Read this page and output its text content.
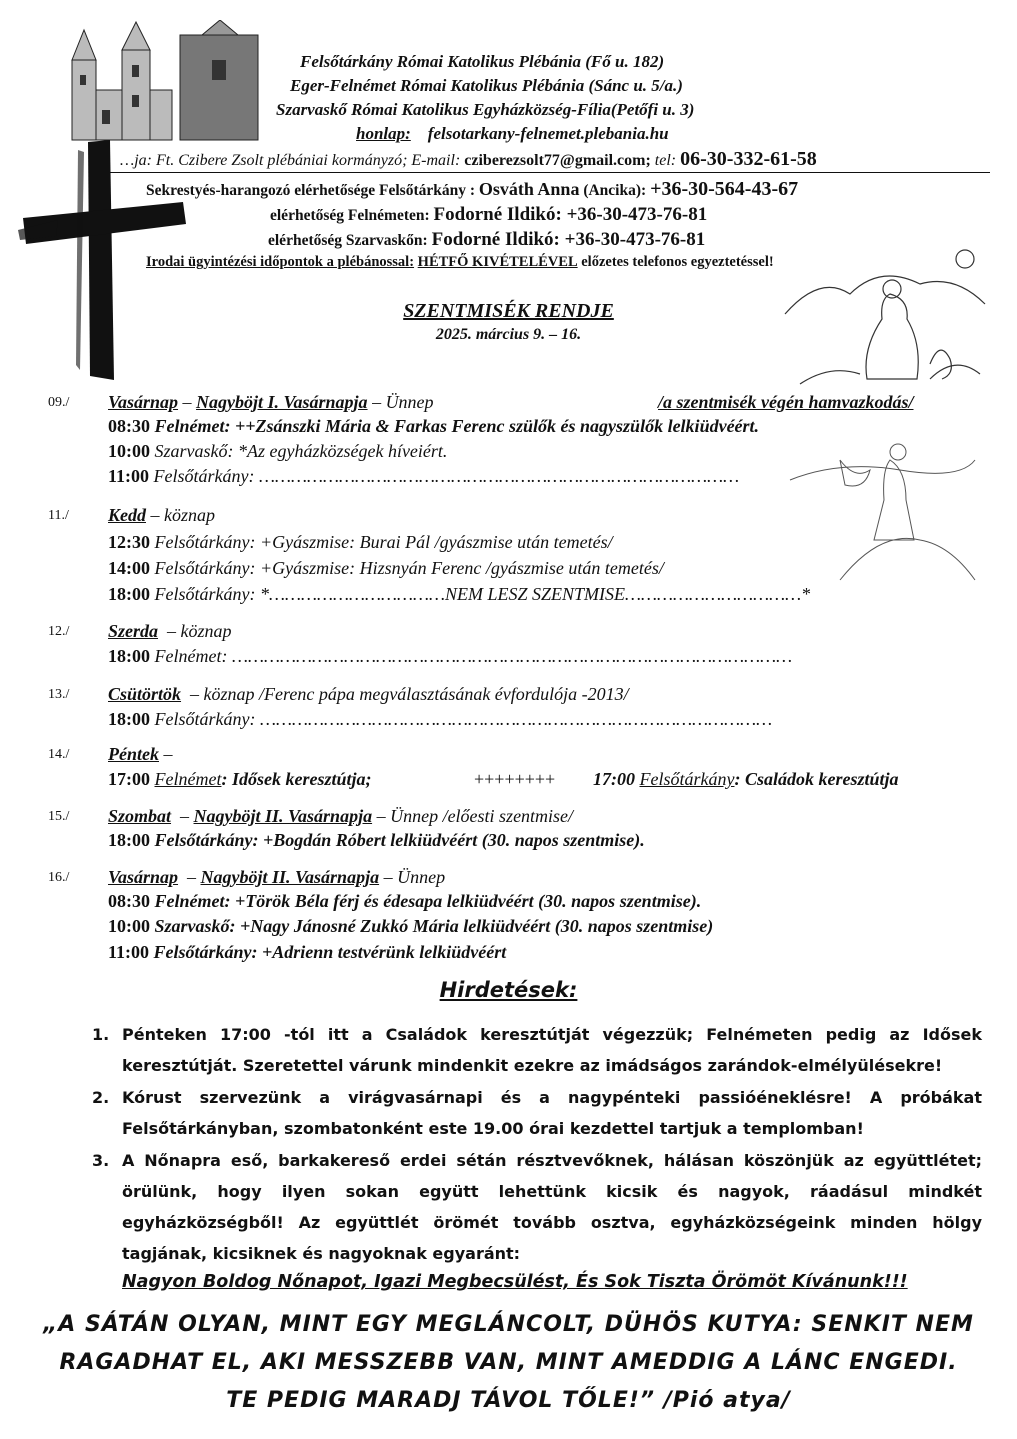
Felsőtárkány Római Katolikus Plébánia (Fő u. 182)
Eger-Felnémet Római Katolikus Plébánia (Sánc u. 5/a.)
Szarvaskő Római Katolikus Egyházközség-Fília(Petőfi u. 3)
honlap: felsotarkany-felnemet.plebania.hu
…ja: Ft. Czibere Zsolt plébániai kormányzó; E-mail: cziberezsolt77@gmail.com; tel: 06-30-332-61-58
Sekrestyés-harangozó elérhetősége Felsőtárkány : Osváth Anna (Ancika): +36-30-564-43-67
elérhetőség Felnémeten: Fodorné Ildikó: +36-30-473-76-81
elérhetőség Szarvaskőn: Fodorné Ildikó: +36-30-473-76-81
Irodai ügyintézési időpontok a plébánossal: HÉTFŐ KIVÉTELÉVEL előzetes telefonos egyeztetéssel!
SZENTMISÉK RENDJE
2025. március 9. – 16.
09./ Vasárnap – Nagyböjt I. Vasárnapja – Ünnep	/a szentmisék végén hamvazkodás/
08:30 Felnémet: ++Zsánszki Mária & Farkas Ferenc szülők és nagyszülők lelkiüdvéért.
10:00 Szarvaskő: *Az egyházközségek híveiért.
11:00 Felsőtárkány: ………………………………………………………………………………
11./ Kedd – köznap
12:30 Felsőtárkány: +Gyászmise: Burai Pál /gyászmise után temetés/
14:00 Felsőtárkány: +Gyászmise: Hizsnyán Ferenc /gyászmise után temetés/
18:00 Felsőtárkány: *……………………………NEM LESZ SZENTMISE……………………………*
12./ Szerda – köznap
18:00 Felnémet: ……………………………………………………………………………………………
13./ Csütörtök – köznap /Ferenc pápa megválasztásának évfordulója -2013/
18:00 Felsőtárkány: ……………………………………………………………………………………
14./ Péntek –
17:00 Felnémet: Idősek keresztútja;	++++++++ 17:00 Felsőtárkány: Családok keresztútja
15./ Szombat  – Nagyböjt II. Vasárnapja – Ünnep /előesti szentmise/
18:00 Felsőtárkány: +Bogdán Róbert lelkiüdvéért (30. napos szentmise).
16./ Vasárnap  – Nagyböjt II. Vasárnapja – Ünnep
08:30 Felnémet: +Török Béla férj és édesapa lelkiüdvéért (30. napos szentmise).
10:00 Szarvaskő: +Nagy Jánosné Zukkó Mária lelkiüdvéért (30. napos szentmise)
11:00 Felsőtárkány: +Adrienn testvérünk lelkiüdvéért
Hirdetések:
1. Pénteken 17:00 -tól itt a Családok keresztútját végezzük; Felnémeten pedig az Idősek keresztútját. Szeretettel várunk mindenkit ezekre az imádságos zarándok-elmélyülésekre!
2. Kórust szervezünk a virágvasárnapi és a nagypénteki passióéneklésre! A próbákat Felsőtárkányban, szombatonként este 19.00 órai kezdettel tartjuk a templomban!
3. A Nőnapra eső, barkakereső erdei sétán résztvevőknek, hálásan köszönjük az együttlétet; örülünk, hogy ilyen sokan együtt lehettünk kicsik és nagyok, ráadásul mindkét egyházközségből! Az együttlét örömét tovább osztva, egyházközségeink minden hölgy tagjának, kicsiknek és nagyoknak egyaránt:
Nagyon Boldog Nőnapot, Igazi Megbecsülést, És Sok Tiszta Örömöt Kívánunk!!!
„A SÁTÁN OLYAN, MINT EGY MEGLÁNCOLT, DÜHÖS KUTYA: SENKIT NEM
RAGADHAT EL, AKI MESSZEBB VAN, MINT AMEDDIG A LÁNC ENGEDI.
TE PEDIG MARADJ TÁVOL TŐLE!” /Pió atya/
